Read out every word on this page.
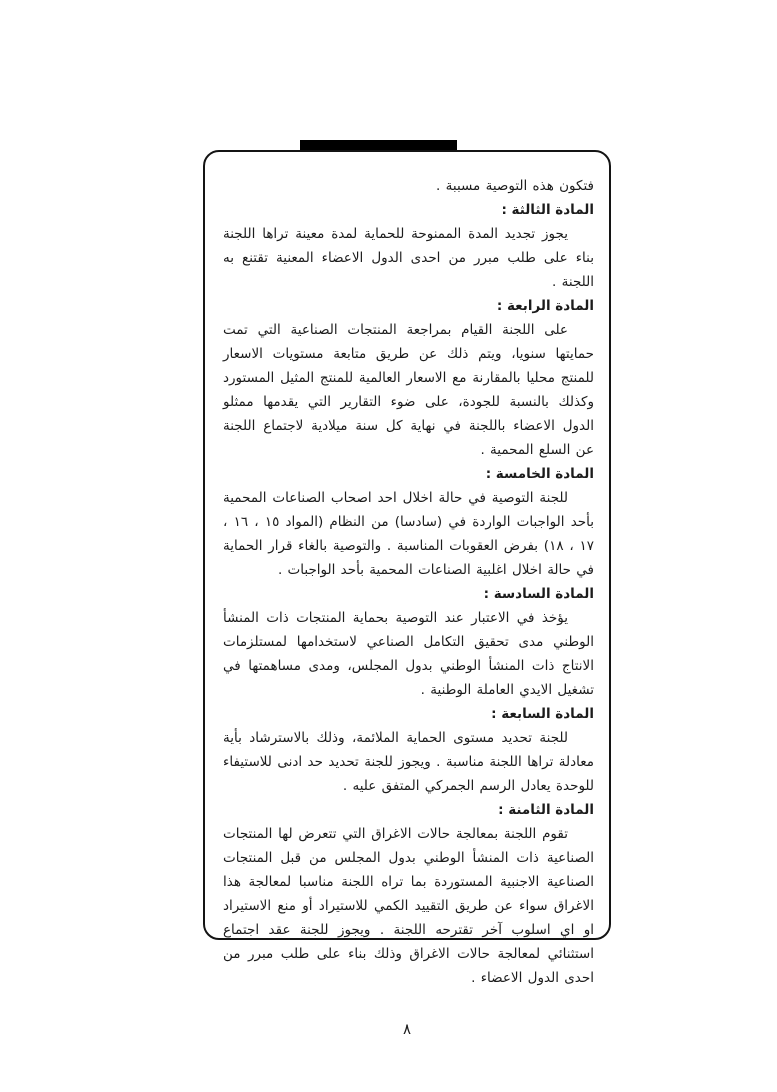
فتكون هذه التوصية مسببة .

المادة الثالثة :

يجوز تجديد المدة الممنوحة للحماية لمدة معينة تراها اللجنة بناء على طلب مبرر من احدى الدول الاعضاء المعنية تقتنع به اللجنة .

المادة الرابعة :

على اللجنة القيام بمراجعة المنتجات الصناعية التي تمت حمايتها سنويا، ويتم ذلك عن طريق متابعة مستويات الاسعار للمنتج محليا بالمقارنة مع الاسعار العالمية للمنتج المثيل المستورد وكذلك بالنسبة للجودة، على ضوء التقارير التي يقدمها ممثلو الدول الاعضاء باللجنة في نهاية كل سنة ميلادية لاجتماع اللجنة عن السلع المحمية .

المادة الخامسة :

للجنة التوصية في حالة اخلال احد اصحاب الصناعات المحمية بأحد الواجبات الواردة في (سادسا) من النظام (المواد ١٥ ، ١٦ ، ١٧ ، ١٨) بفرض العقوبات المناسبة . والتوصية بالغاء قرار الحماية في حالة اخلال اغلبية الصناعات المحمية بأحد الواجبات .

المادة السادسة :

يؤخذ في الاعتبار عند التوصية بحماية المنتجات ذات المنشأ الوطني مدى تحقيق التكامل الصناعي لاستخدامها لمستلزمات الانتاج ذات المنشأ الوطني بدول المجلس، ومدى مساهمتها في تشغيل الايدي العاملة الوطنية .

المادة السابعة :

للجنة تحديد مستوى الحماية الملائمة، وذلك بالاسترشاد بأية معادلة تراها اللجنة مناسبة . ويجوز للجنة تحديد حد ادنى للاستيفاء للوحدة يعادل الرسم الجمركي المتفق عليه .

المادة الثامنة :

تقوم اللجنة بمعالجة حالات الاغراق التي تتعرض لها المنتجات الصناعية ذات المنشأ الوطني بدول المجلس من قبل المنتجات الصناعية الاجنبية المستوردة بما تراه اللجنة مناسبا لمعالجة هذا الاغراق سواء عن طريق التقييد الكمي للاستيراد أو منع الاستيراد او اي اسلوب آخر تقترحه اللجنة . ويجوز للجنة عقد اجتماع استثنائي لمعالجة حالات الاغراق وذلك بناء على طلب مبرر من احدى الدول الاعضاء .

٨
